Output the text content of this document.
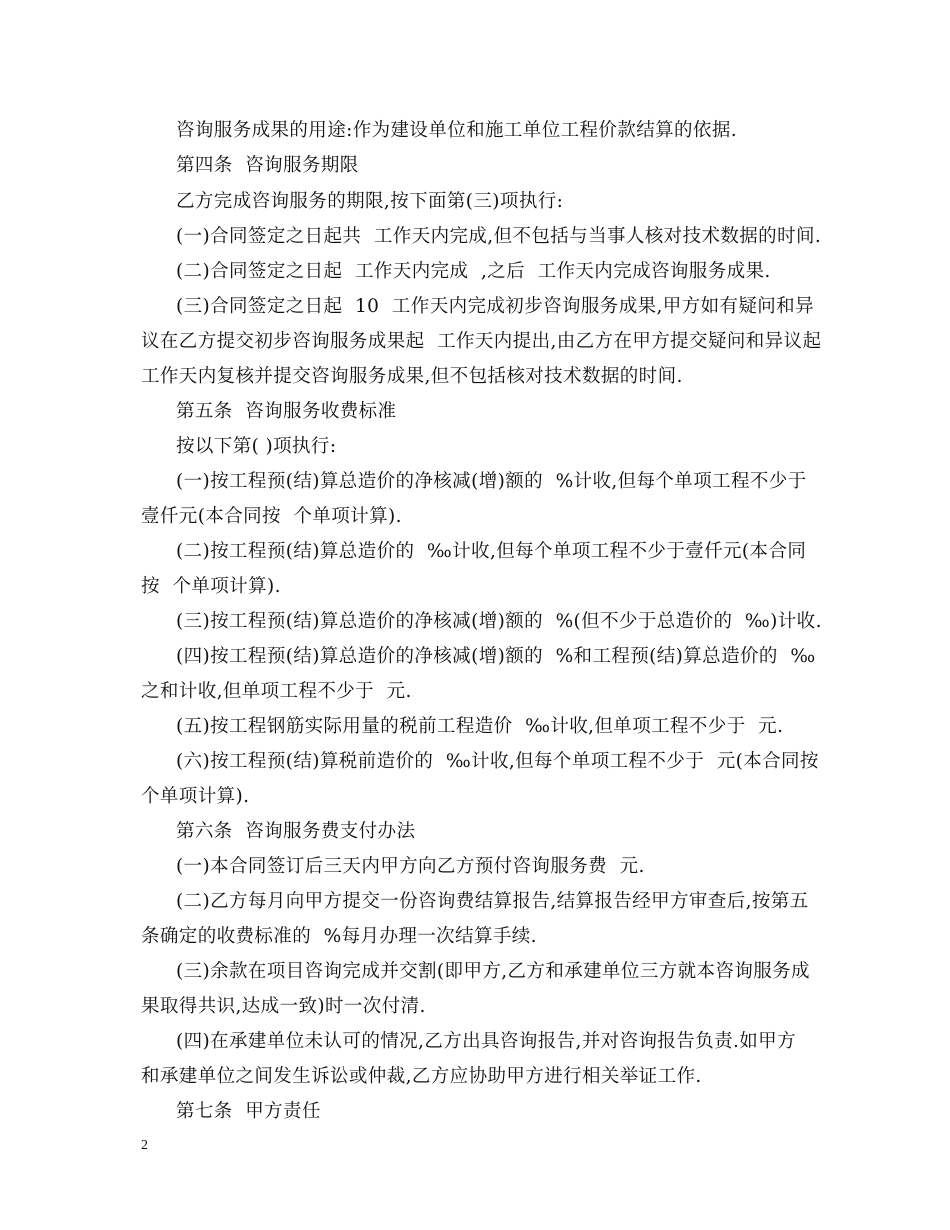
咨询服务成果的用途:作为建设单位和施工单位工程价款结算的依据.
第四条  咨询服务期限
乙方完成咨询服务的期限,按下面第(三)项执行:
(一)合同签定之日起共  工作天内完成,但不包括与当事人核对技术数据的时间.
(二)合同签定之日起  工作天内完成  ,之后  工作天内完成咨询服务成果.
(三)合同签定之日起  10  工作天内完成初步咨询服务成果,甲方如有疑问和异
议在乙方提交初步咨询服务成果起  工作天内提出,由乙方在甲方提交疑问和异议起
工作天内复核并提交咨询服务成果,但不包括核对技术数据的时间.
第五条  咨询服务收费标准
按以下第( )项执行:
(一)按工程预(结)算总造价的净核减(增)额的  %计收,但每个单项工程不少于
壹仟元(本合同按  个单项计算).
(二)按工程预(结)算总造价的  ‰计收,但每个单项工程不少于壹仟元(本合同
按  个单项计算).
(三)按工程预(结)算总造价的净核减(增)额的  %(但不少于总造价的  ‰)计收.
(四)按工程预(结)算总造价的净核减(增)额的  %和工程预(结)算总造价的  ‰
之和计收,但单项工程不少于  元.
(五)按工程钢筋实际用量的税前工程造价  ‰计收,但单项工程不少于  元.
(六)按工程预(结)算税前造价的  ‰计收,但每个单项工程不少于  元(本合同按
个单项计算).
第六条  咨询服务费支付办法
(一)本合同签订后三天内甲方向乙方预付咨询服务费  元.
(二)乙方每月向甲方提交一份咨询费结算报告,结算报告经甲方审查后,按第五
条确定的收费标准的  %每月办理一次结算手续.
(三)余款在项目咨询完成并交割(即甲方,乙方和承建单位三方就本咨询服务成
果取得共识,达成一致)时一次付清.
(四)在承建单位未认可的情况,乙方出具咨询报告,并对咨询报告负责.如甲方
和承建单位之间发生诉讼或仲裁,乙方应协助甲方进行相关举证工作.
第七条  甲方责任
2
